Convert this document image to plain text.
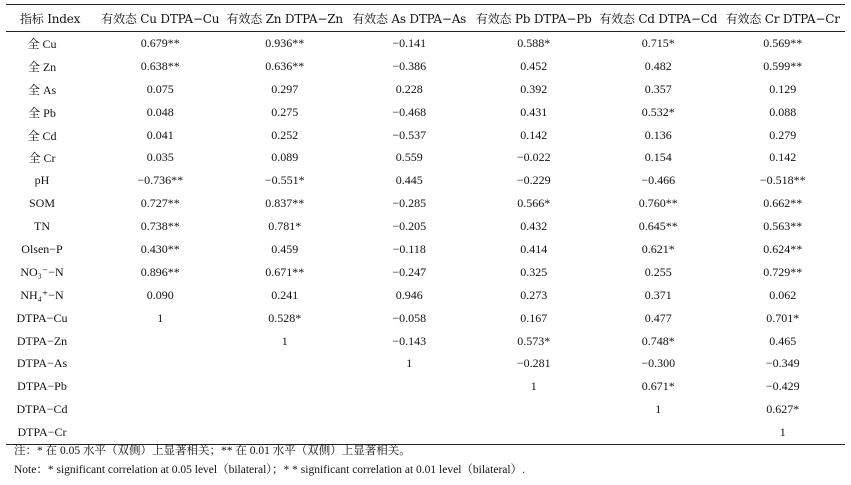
指标 Index	有效态 Cu DTPA−Cu	有效态 Zn DTPA−Zn	有效态 As DTPA−As	有效态 Pb DTPA−Pb	有效态 Cd DTPA−Cd	有效态 Cr DTPA−Cr
全 Cu	0.679**	0.936**	−0.141	0.588*	0.715*	0.569**
全 Zn	0.638**	0.636**	−0.386	0.452	0.482	0.599**
全 As	0.075	0.297	0.228	0.392	0.357	0.129
全 Pb	0.048	0.275	−0.468	0.431	0.532*	0.088
全 Cd	0.041	0.252	−0.537	0.142	0.136	0.279
全 Cr	0.035	0.089	0.559	−0.022	0.154	0.142
pH	−0.736**	−0.551*	0.445	−0.229	−0.466	−0.518**
SOM	0.727**	0.837**	−0.285	0.566*	0.760**	0.662**
TN	0.738**	0.781*	−0.205	0.432	0.645**	0.563**
Olsen−P	0.430**	0.459	−0.118	0.414	0.621*	0.624**
NO₃⁻−N	0.896**	0.671**	−0.247	0.325	0.255	0.729**
NH₄⁺−N	0.090	0.241	0.946	0.273	0.371	0.062
DTPA−Cu	1	0.528*	−0.058	0.167	0.477	0.701*
DTPA−Zn		1	−0.143	0.573*	0.748*	0.465
DTPA−As			1	−0.281	−0.300	−0.349
DTPA−Pb				1	0.671*	−0.429
DTPA−Cd					1	0.627*
DTPA−Cr						1
注：* 在 0.05 水平（双侧）上显著相关；** 在 0.01 水平（双侧）上显著相关。
Note：* significant correlation at 0.05 level（bilateral）；* * significant correlation at 0.01 level（bilateral）.
